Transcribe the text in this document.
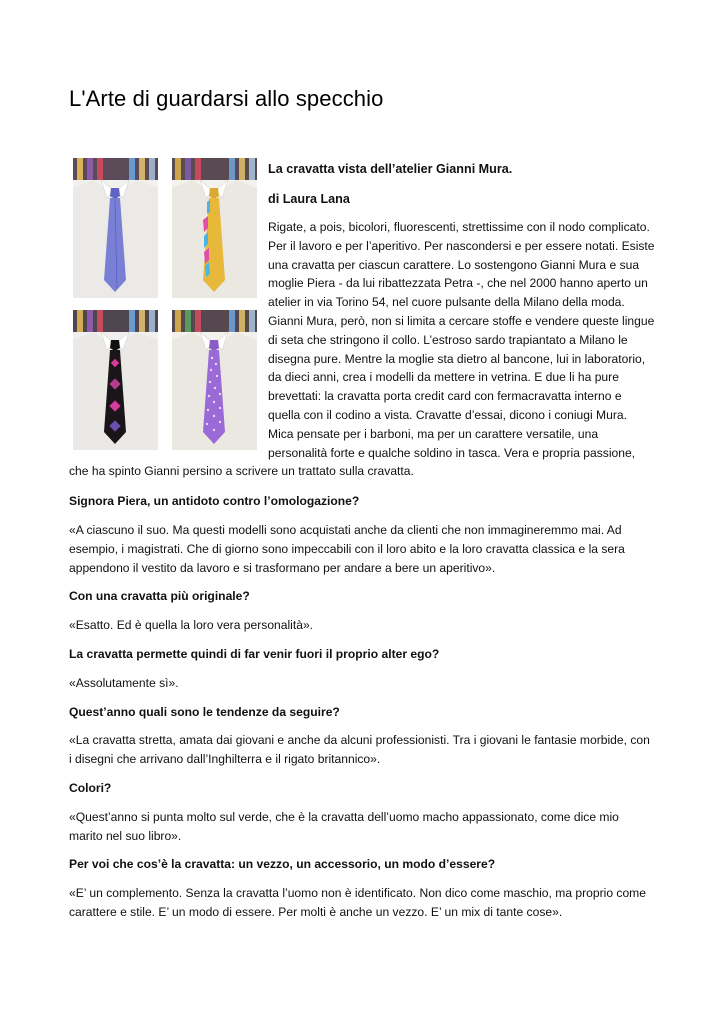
L'Arte di guardarsi allo specchio

La cravatta vista dell’atelier Gianni Mura.

di Laura Lana

Rigate, a pois, bicolori, fluorescenti, strettissime con il nodo complicato. Per il lavoro e per l’aperitivo. Per nascondersi e per essere notati. Esiste una cravatta per ciascun carattere. Lo sostengono Gianni Mura e sua moglie Piera - da lui ribattezzata Petra -, che nel 2000 hanno aperto un atelier in via Torino 54, nel cuore pulsante della Milano della moda. Gianni Mura, però, non si limita a cercare stoffe e vendere queste lingue di seta che stringono il collo. L’estroso sardo trapiantato a Milano le disegna pure. Mentre la moglie sta dietro al bancone, lui in laboratorio, da dieci anni, crea i modelli da mettere in vetrina. E due li ha pure brevettati: la cravatta porta credit card con fermacravatta interno e quella con il codino a vista. Cravatte d’essai, dicono i coniugi Mura. Mica pensate per i barboni, ma per un carattere versatile, una personalità forte e qualche soldino in tasca. Vera e propria passione, che ha spinto Gianni persino a scrivere un trattato sulla cravatta.

Signora Piera, un antidoto contro l’omologazione?

«A ciascuno il suo. Ma questi modelli sono acquistati anche da clienti che non immagineremmo mai. Ad esempio, i magistrati. Che di giorno sono impeccabili con il loro abito e la loro cravatta classica e la sera appendono il vestito da lavoro e si trasformano per andare a bere un aperitivo».

Con una cravatta più originale?

«Esatto. Ed è quella la loro vera personalità».

La cravatta permette quindi di far venir fuori il proprio alter ego?

«Assolutamente sì».

Quest’anno quali sono le tendenze da seguire?

«La cravatta stretta, amata dai giovani e anche da alcuni professionisti. Tra i giovani le fantasie morbide, con i disegni che arrivano dall’Inghilterra e il rigato britannico».

Colori?

«Quest’anno si punta molto sul verde, che è la cravatta dell’uomo macho appassionato, come dice mio marito nel suo libro».

Per voi che cos’è la cravatta: un vezzo, un accessorio, un modo d’essere?

«E’ un complemento. Senza la cravatta l’uomo non è identificato. Non dico come maschio, ma proprio come carattere e stile. E’ un modo di essere. Per molti è anche un vezzo. E’ un mix di tante cose».
